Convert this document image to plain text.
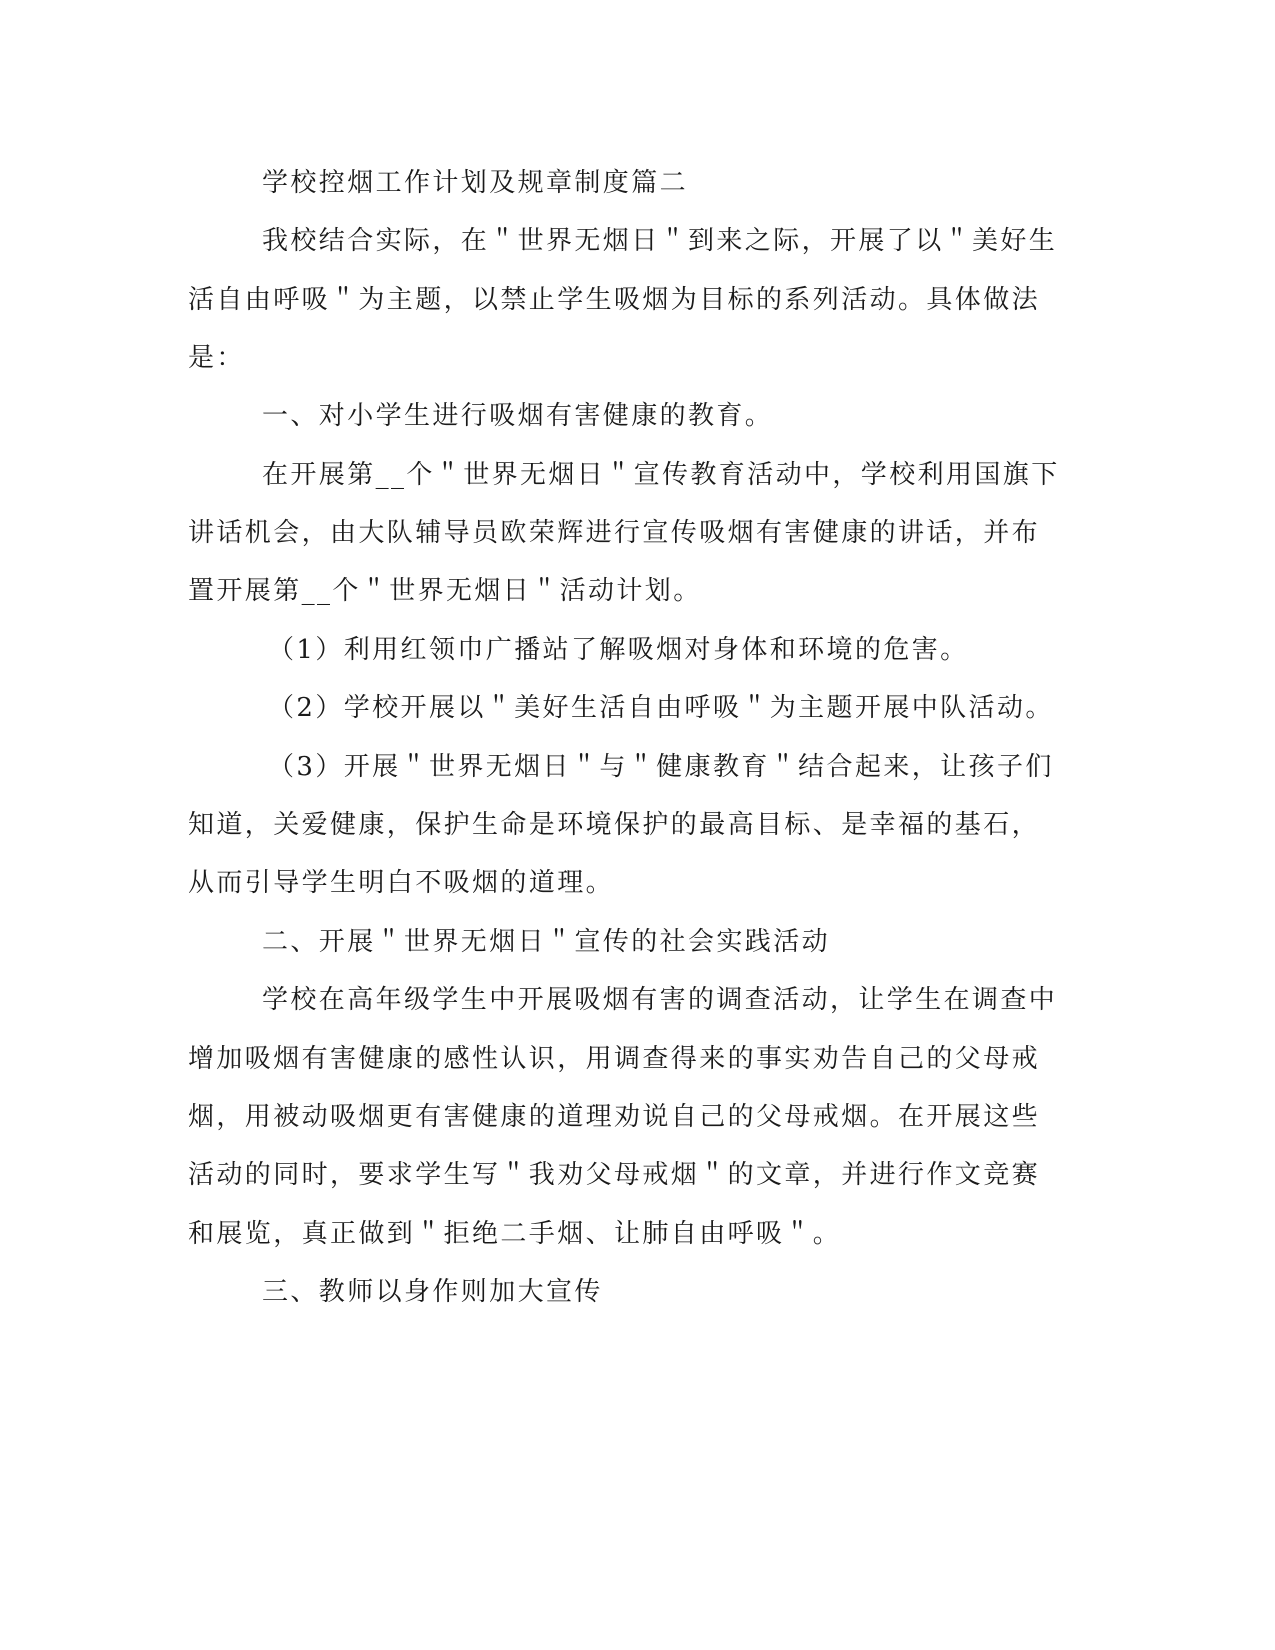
学校控烟工作计划及规章制度篇二
我校结合实际，在＂世界无烟日＂到来之际，开展了以＂美好生
活自由呼吸＂为主题，以禁止学生吸烟为目标的系列活动。具体做法
是：
一、对小学生进行吸烟有害健康的教育。
在开展第__个＂世界无烟日＂宣传教育活动中，学校利用国旗下
讲话机会，由大队辅导员欧荣辉进行宣传吸烟有害健康的讲话，并布
置开展第__个＂世界无烟日＂活动计划。
（1）利用红领巾广播站了解吸烟对身体和环境的危害。
（2）学校开展以＂美好生活自由呼吸＂为主题开展中队活动。
（3）开展＂世界无烟日＂与＂健康教育＂结合起来，让孩子们
知道，关爱健康，保护生命是环境保护的最高目标、是幸福的基石，
从而引导学生明白不吸烟的道理。
二、开展＂世界无烟日＂宣传的社会实践活动
学校在高年级学生中开展吸烟有害的调查活动，让学生在调查中
增加吸烟有害健康的感性认识，用调查得来的事实劝告自己的父母戒
烟，用被动吸烟更有害健康的道理劝说自己的父母戒烟。在开展这些
活动的同时，要求学生写＂我劝父母戒烟＂的文章，并进行作文竞赛
和展览，真正做到＂拒绝二手烟、让肺自由呼吸＂。
三、教师以身作则加大宣传
